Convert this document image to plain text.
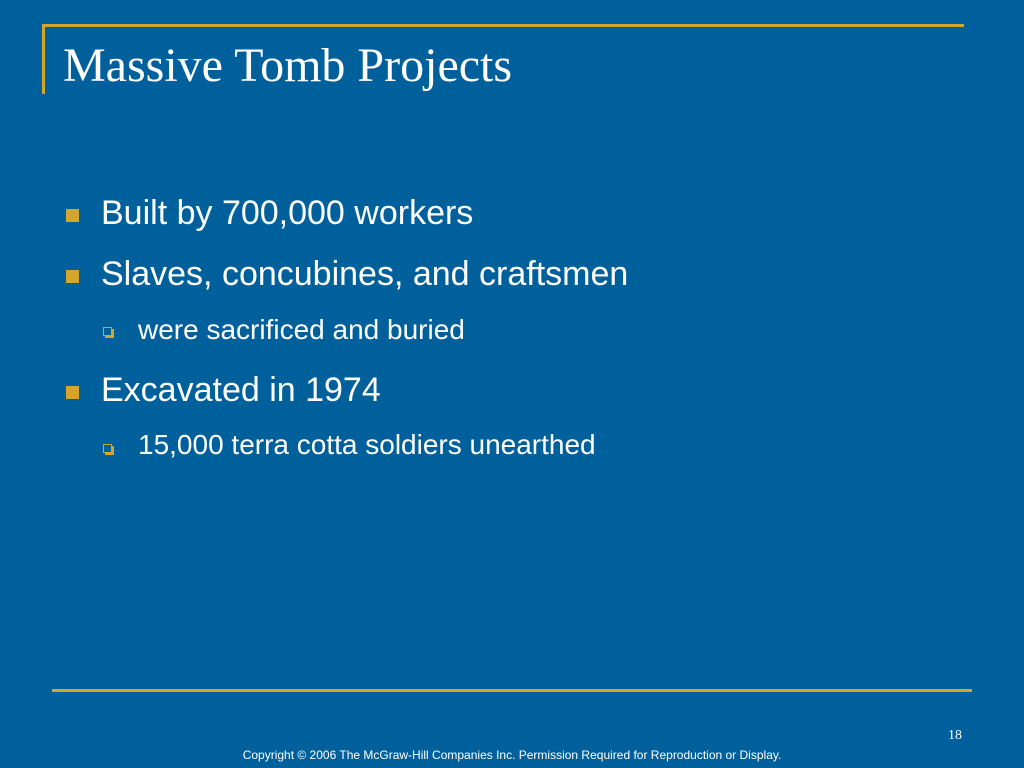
Massive Tomb Projects
Built by 700,000 workers
Slaves, concubines, and craftsmen
were sacrificed and buried
Excavated in 1974
15,000 terra cotta soldiers unearthed
18
Copyright © 2006 The McGraw-Hill Companies Inc. Permission Required for Reproduction or Display.
